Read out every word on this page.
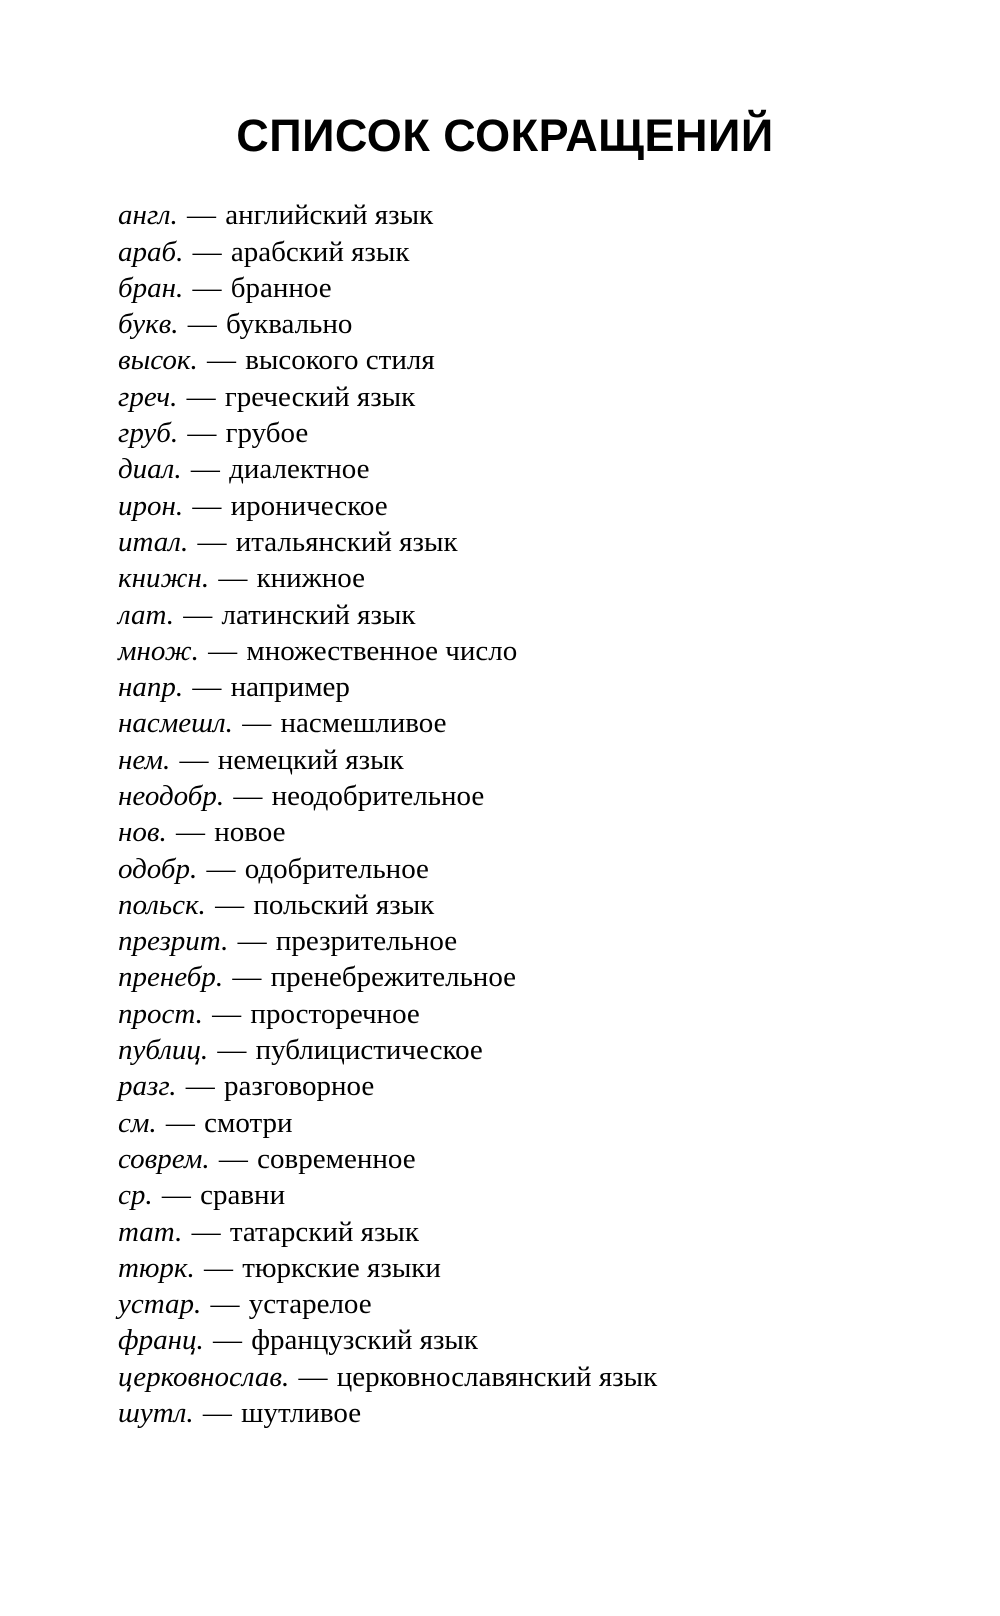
СПИСОК СОКРАЩЕНИЙ
англ. — английский язык
араб. — арабский язык
бран. — бранное
букв. — буквально
высок. — высокого стиля
греч. — греческий язык
груб. — грубое
диал. — диалектное
ирон. — ироническое
итал. — итальянский язык
книжн. — книжное
лат. — латинский язык
множ. — множественное число
напр. — например
насмешл. — насмешливое
нем. — немецкий язык
неодобр. — неодобрительное
нов. — новое
одобр. — одобрительное
польск. — польский язык
презрит. — презрительное
пренебр. — пренебрежительное
прост. — просторечное
публиц. — публицистическое
разг. — разговорное
см. — смотри
соврем. — современное
ср. — сравни
тат. — татарский язык
тюрк. — тюркские языки
устар. — устарелое
франц. — французский язык
церковнослав. — церковнославянский язык
шутл. — шутливое
